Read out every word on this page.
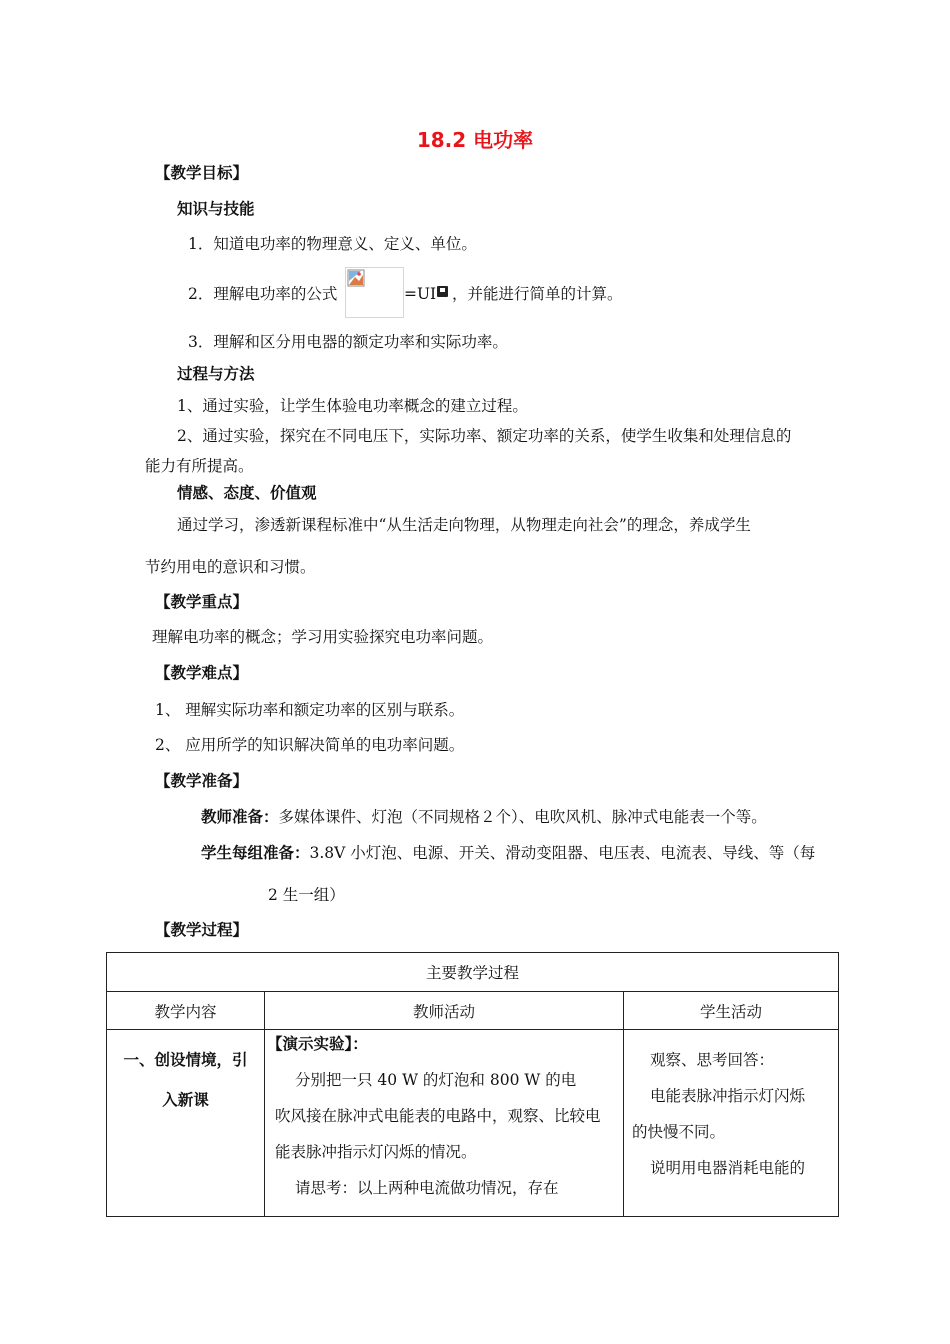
18.2 电功率
【教学目标】
知识与技能
1．知道电功率的物理意义、定义、单位。
2．理解电功率的公式	=UI ，并能进行简单的计算。
3．理解和区分用电器的额定功率和实际功率。
过程与方法
1、通过实验，让学生体验电功率概念的建立过程。
2、通过实验，探究在不同电压下，实际功率、额定功率的关系，使学生收集和处理信息的
能力有所提高。
情感、态度、价值观
通过学习，渗透新课程标准中“从生活走向物理，从物理走向社会”的理念，养成学生
节约用电的意识和习惯。
【教学重点】
理解电功率的概念；学习用实验探究电功率问题。
【教学难点】
1、 理解实际功率和额定功率的区别与联系。
2、 应用所学的知识解决简单的电功率问题。
【教学准备】
教师准备：多媒体课件、灯泡（不同规格２个）、电吹风机、脉冲式电能表一个等。
学生每组准备：3.8V 小灯泡、电源、开关、滑动变阻器、电压表、电流表、导线、等（每
2 生一组）
【教学过程】
主要教学过程		
教学内容	教师活动	学生活动

一、创设情境，引
入新课	【演示实验】：
分别把一只 40 W 的灯泡和 800 W 的电
吹风接在脉冲式电能表的电路中，观察、比较电
能表脉冲指示灯闪烁的情况。
请思考：以上两种电流做功情况，存在	观察、思考回答：
电能表脉冲指示灯闪烁
的快慢不同。
说明用电器消耗电能的
